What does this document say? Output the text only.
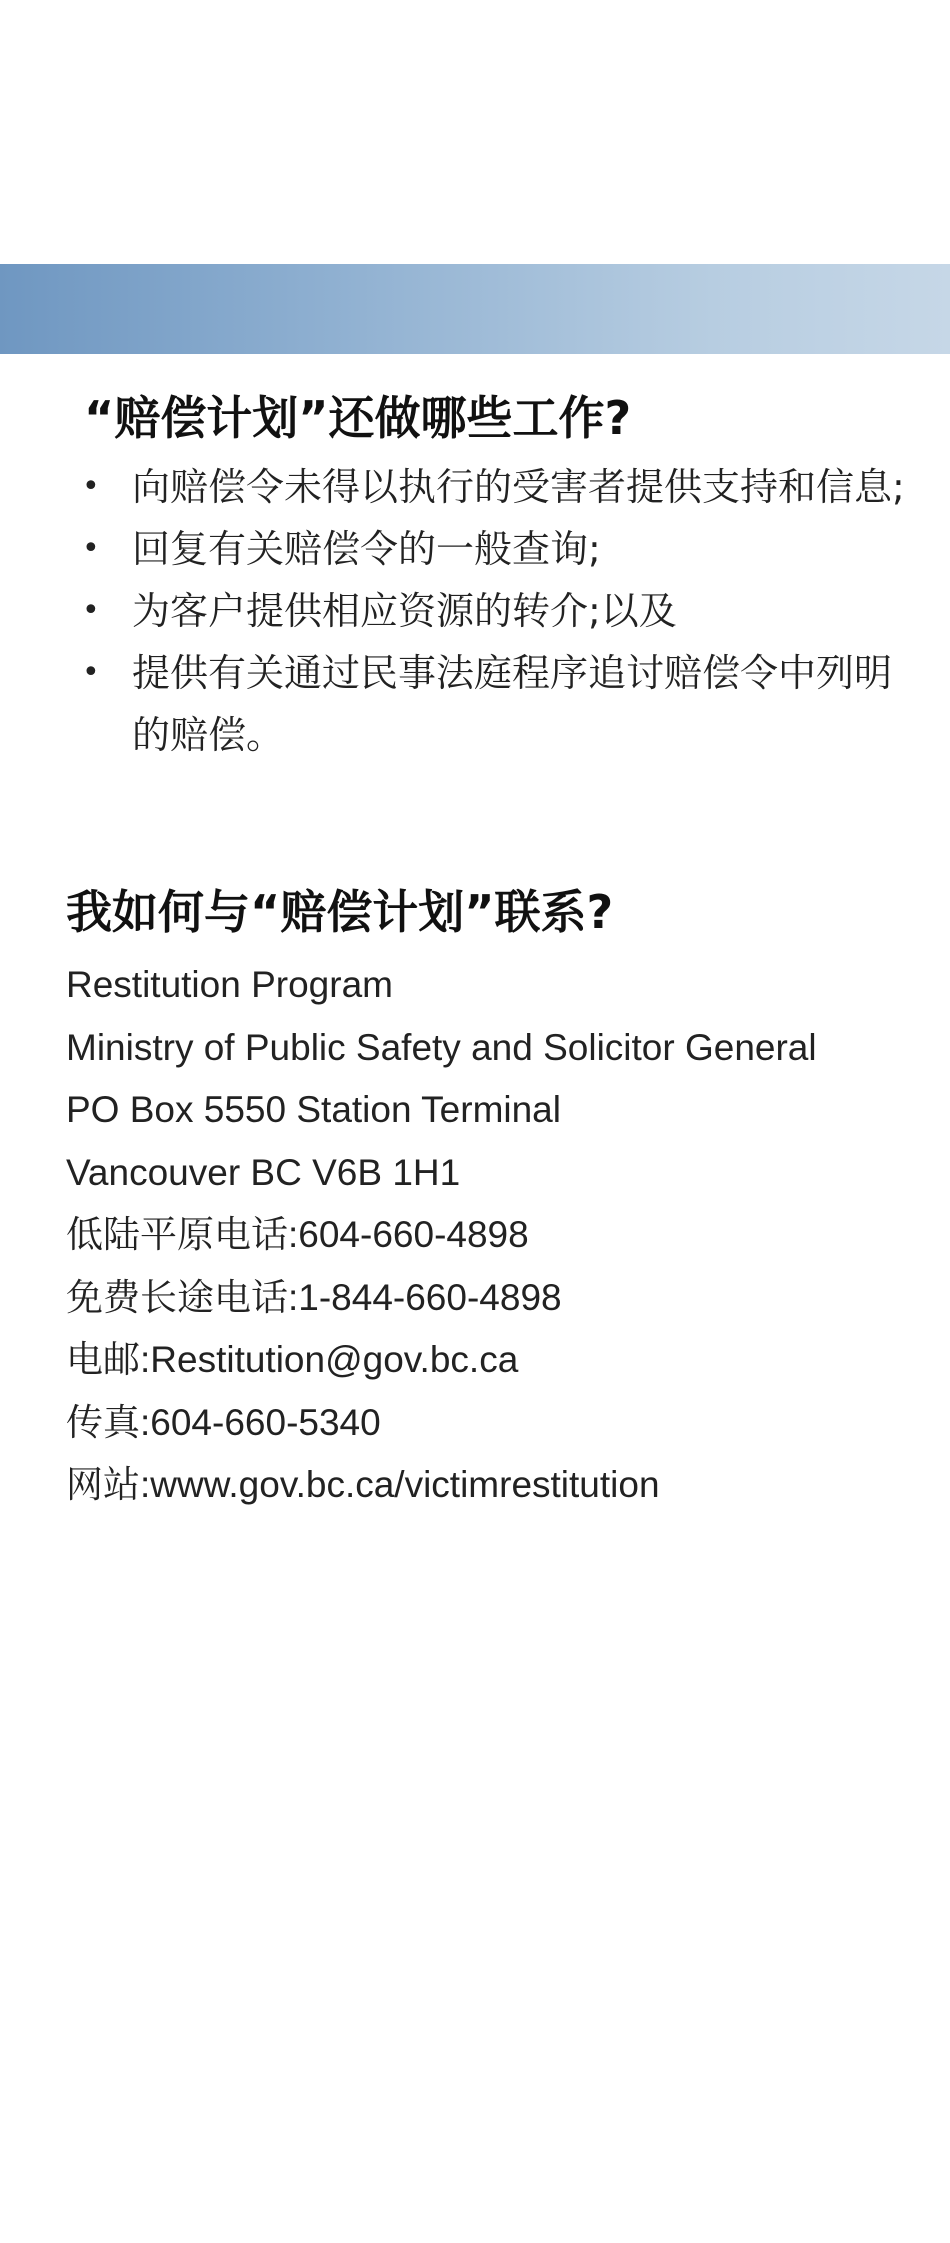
“赔偿计划”还做哪些工作?
• 向赔偿令未得以执行的受害者提供支持和信息;
• 回复有关赔偿令的一般查询;
• 为客户提供相应资源的转介;以及
• 提供有关通过民事法庭程序追讨赔偿令中列明的赔偿。
我如何与“赔偿计划”联系?
Restitution Program
Ministry of Public Safety and Solicitor General
PO Box 5550 Station Terminal
Vancouver BC V6B 1H1
低陆平原电话:604-660-4898
免费长途电话:1-844-660-4898
电邮:Restitution@gov.bc.ca
传真:604-660-5340
网站:www.gov.bc.ca/victimrestitution
